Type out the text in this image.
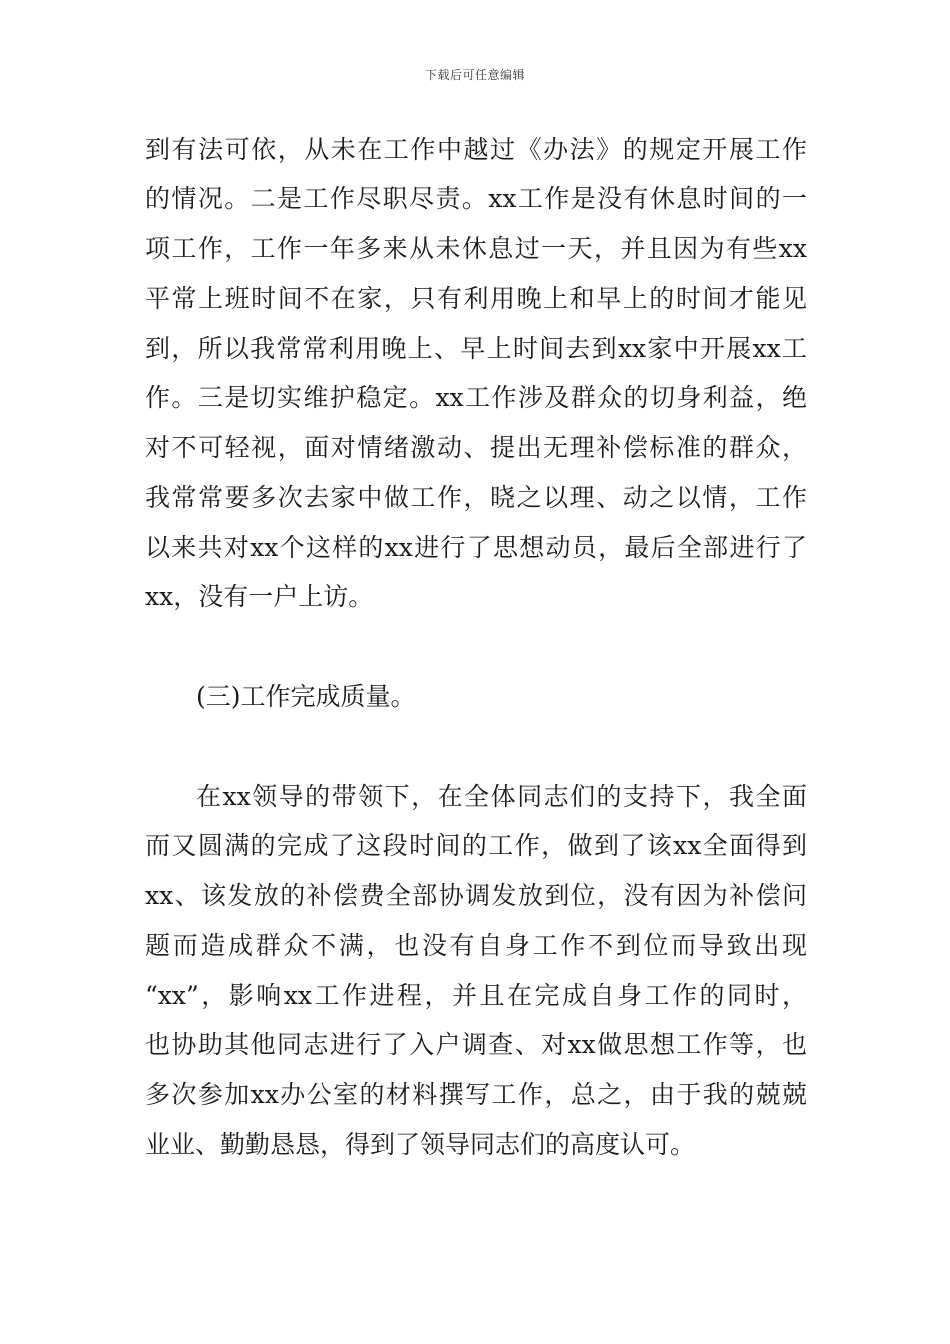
下载后可任意编辑

到有法可依，从未在工作中越过《办法》的规定开展工作

的情况。二是工作尽职尽责。xx工作是没有休息时间的一

项工作，工作一年多来从未休息过一天，并且因为有些xx

平常上班时间不在家，只有利用晚上和早上的时间才能见

到，所以我常常利用晚上、早上时间去到xx家中开展xx工

作。三是切实维护稳定。xx工作涉及群众的切身利益，绝

对不可轻视，面对情绪激动、提出无理补偿标准的群众，

我常常要多次去家中做工作，晓之以理、动之以情，工作

以来共对xx个这样的xx进行了思想动员，最后全部进行了

xx，没有一户上访。

(三)工作完成质量。

在xx领导的带领下，在全体同志们的支持下，我全面

而又圆满的完成了这段时间的工作，做到了该xx全面得到

xx、该发放的补偿费全部协调发放到位，没有因为补偿问

题而造成群众不满，也没有自身工作不到位而导致出现

“xx”，影响xx工作进程，并且在完成自身工作的同时，

也协助其他同志进行了入户调查、对xx做思想工作等，也

多次参加xx办公室的材料撰写工作，总之，由于我的兢兢

业业、勤勤恳恳，得到了领导同志们的高度认可。
